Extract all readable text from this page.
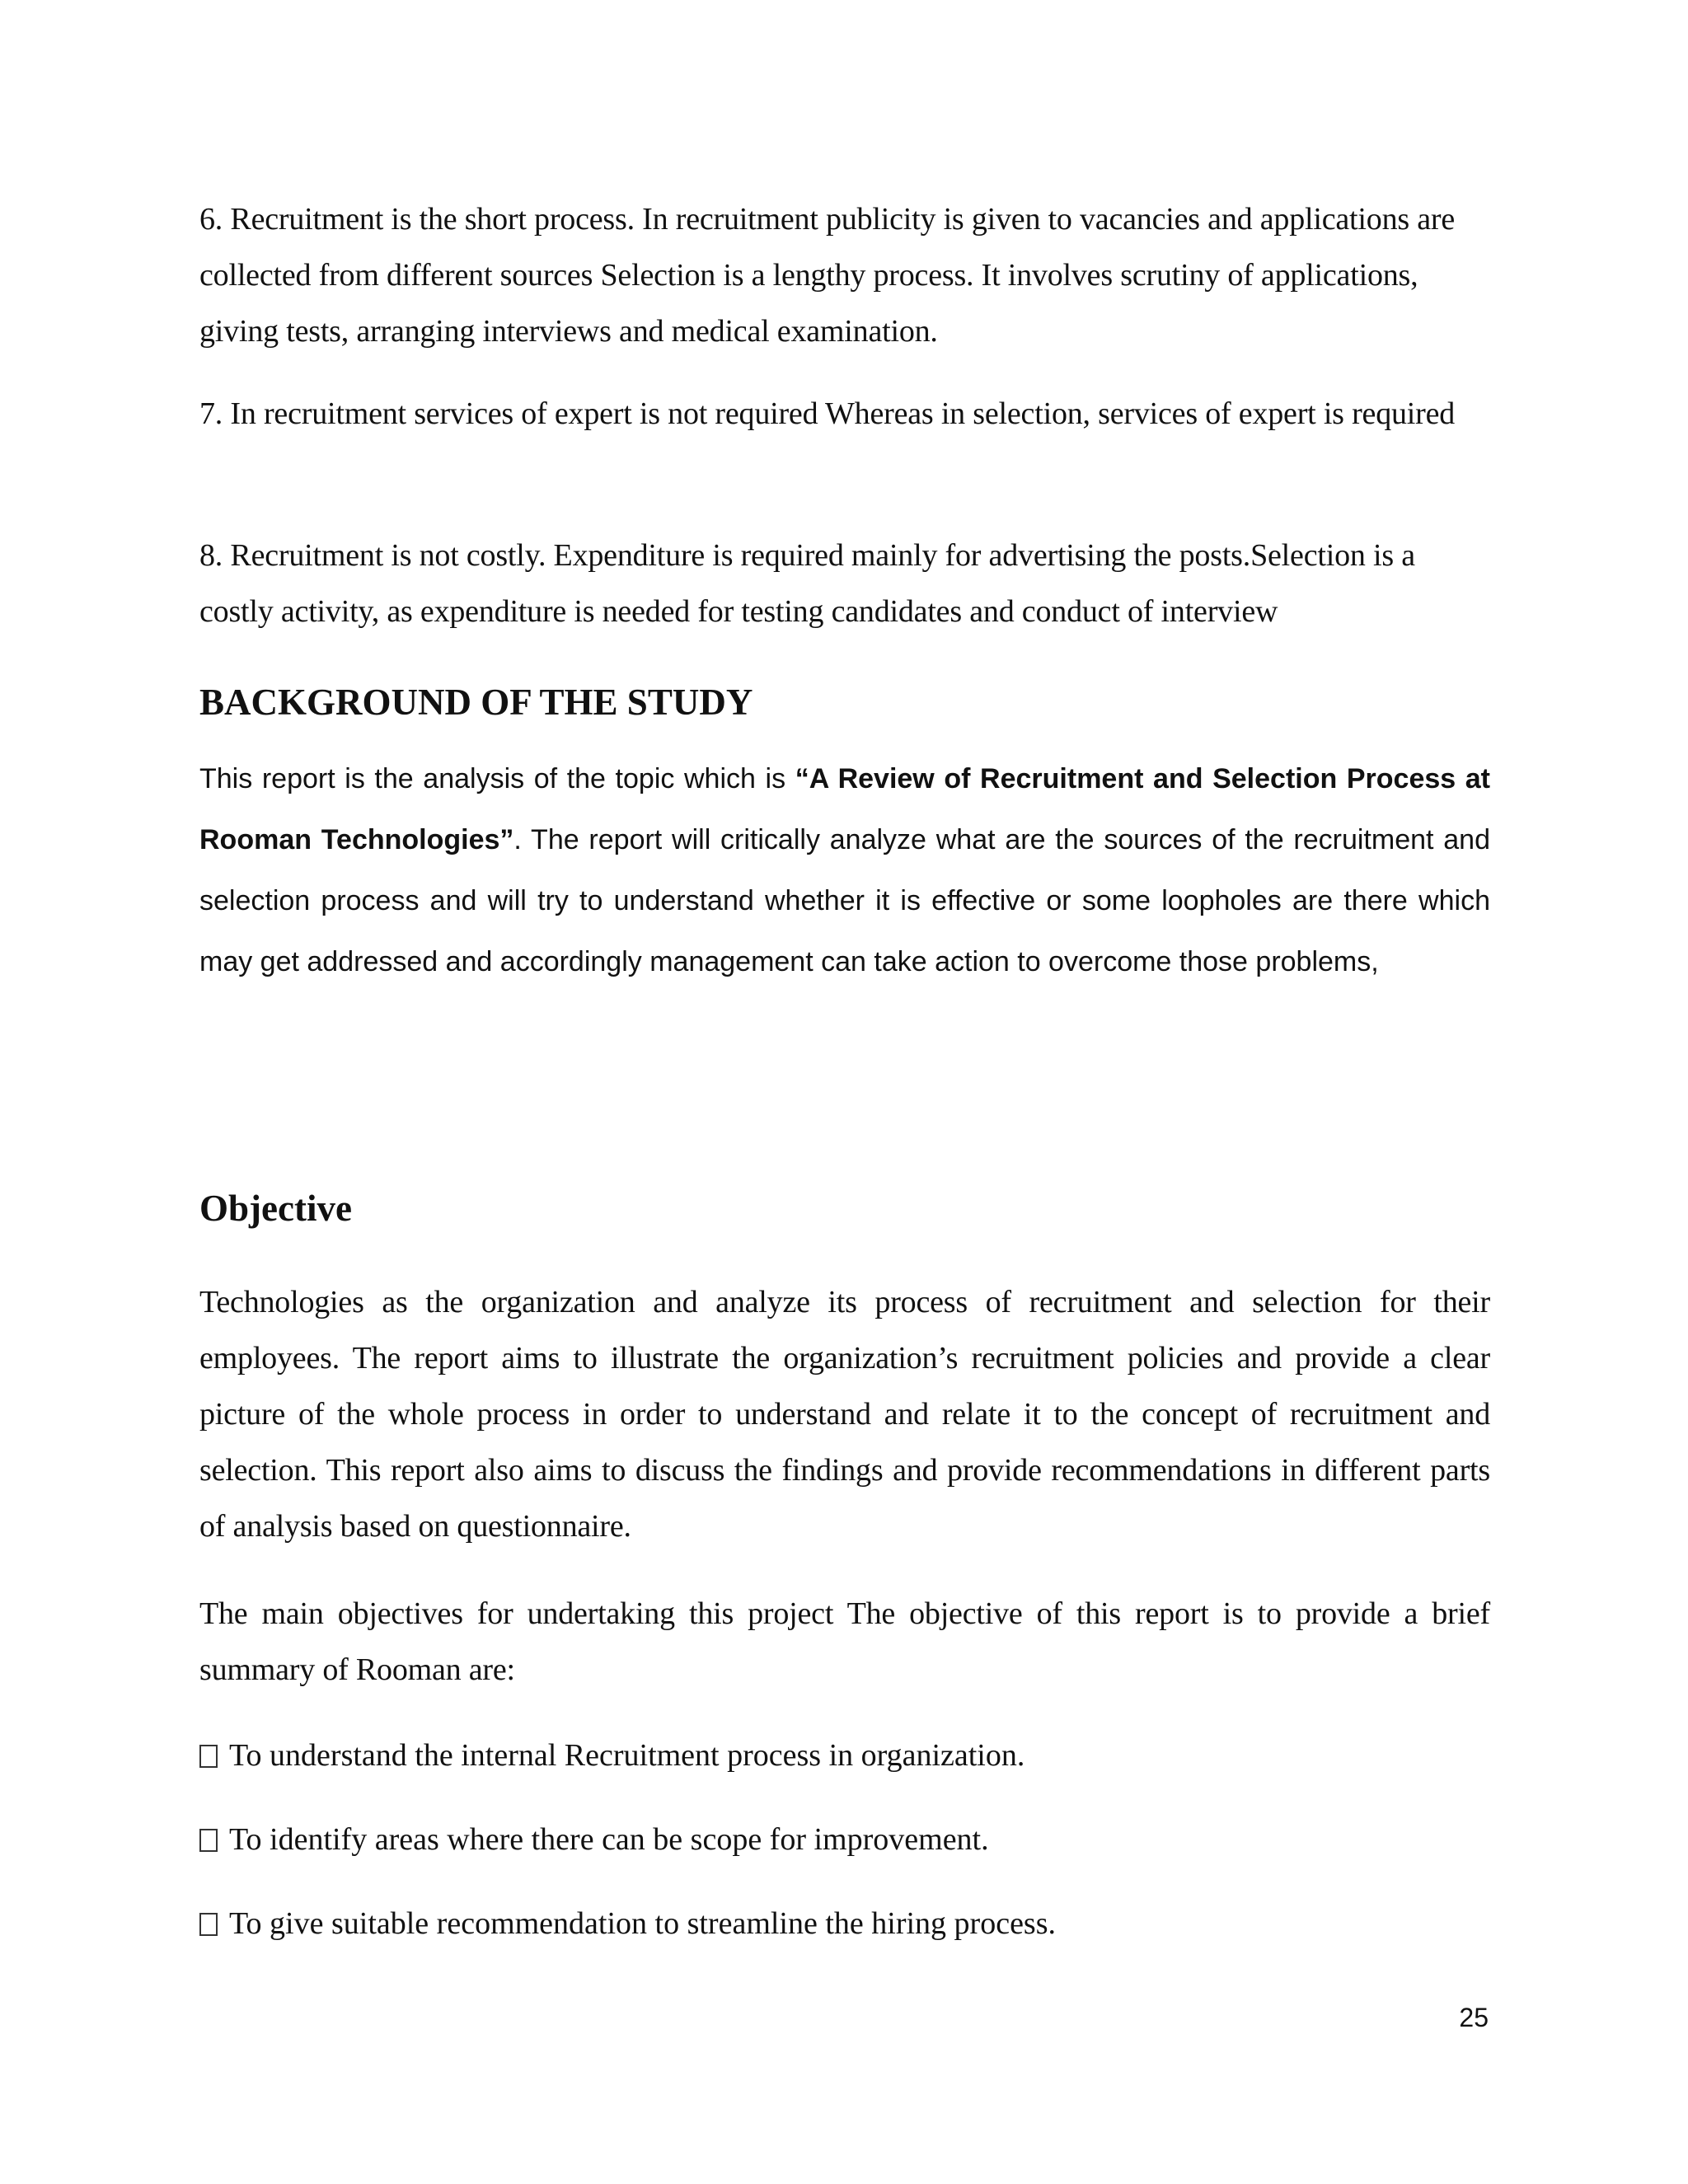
6. Recruitment is the short process. In recruitment publicity is given to vacancies and applications are collected from different sources Selection is a lengthy process. It involves scrutiny of applications, giving tests, arranging interviews and medical examination.

7. In recruitment services of expert is not required Whereas in selection, services of expert is required

8. Recruitment is not costly. Expenditure is required mainly for advertising the posts.Selection is a costly activity, as expenditure is needed for testing candidates and conduct of interview

BACKGROUND OF THE STUDY

This report is the analysis of the topic which is “A Review of Recruitment and Selection Process at Rooman Technologies”. The report will critically analyze what are the sources of the recruitment and selection process and will try to understand whether it is effective or some loopholes are there which may get addressed and accordingly management can take action to overcome those problems,

Objective

Technologies as the organization and analyze its process of recruitment and selection for their employees. The report aims to illustrate the organization’s recruitment policies and provide a clear picture of the whole process in order to understand and relate it to the concept of recruitment and selection. This report also aims to discuss the findings and provide recommendations in different parts of analysis based on questionnaire.

The main objectives for undertaking this project The objective of this report is to provide a brief summary of Rooman are:

To understand the internal Recruitment process in organization.
To identify areas where there can be scope for improvement.
To give suitable recommendation to streamline the hiring process.
25
